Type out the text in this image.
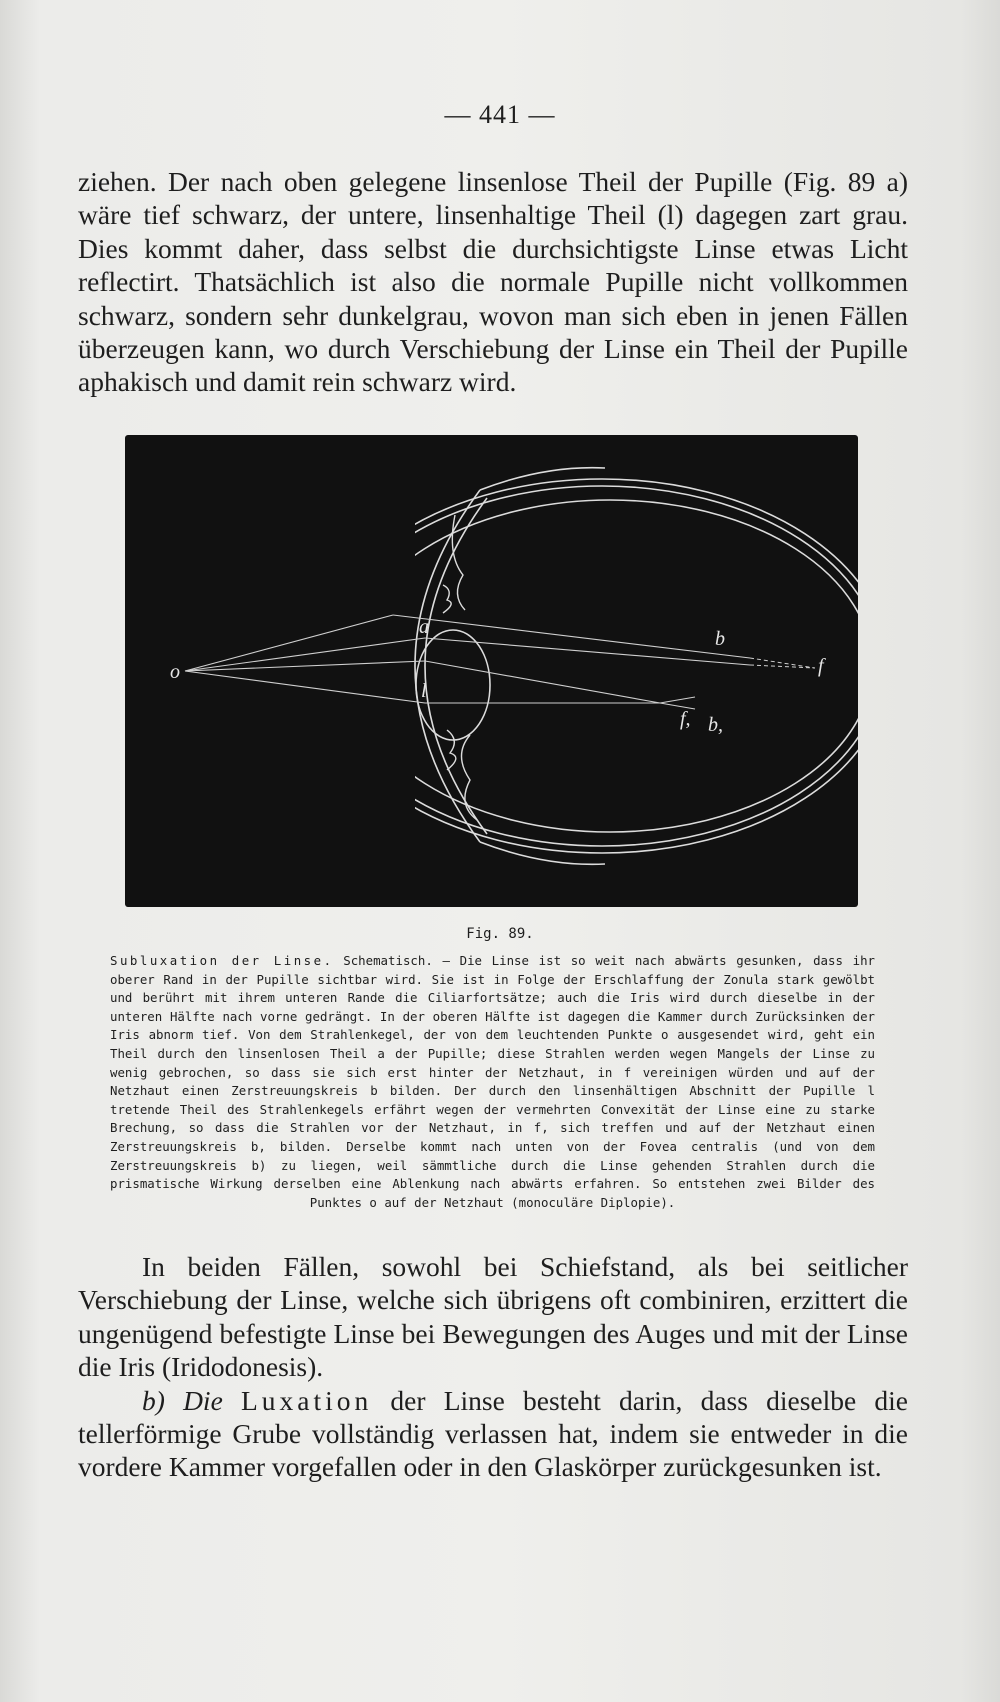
— 441 —

ziehen. Der nach oben gelegene linsenlose Theil der Pupille (Fig. 89 a) wäre tief schwarz, der untere, linsenhaltige Theil (l) dagegen zart grau. Dies kommt daher, dass selbst die durchsichtigste Linse etwas Licht reflectirt. Thatsächlich ist also die normale Pupille nicht vollkommen schwarz, sondern sehr dunkelgrau, wovon man sich eben in jenen Fällen überzeugen kann, wo durch Verschiebung der Linse ein Theil der Pupille aphakisch und damit rein schwarz wird.

o
a
l
b
f
f, b,
Fig. 89.

Subluxation der Linse. Schematisch. — Die Linse ist so weit nach abwärts gesunken, dass ihr oberer Rand in der Pupille sichtbar wird. Sie ist in Folge der Erschlaffung der Zonula stark gewölbt und berührt mit ihrem unteren Rande die Ciliarfortsätze; auch die Iris wird durch dieselbe in der unteren Hälfte nach vorne gedrängt. In der oberen Hälfte ist dagegen die Kammer durch Zurücksinken der Iris abnorm tief. Von dem Strahlenkegel, der von dem leuchtenden Punkte o ausgesendet wird, geht ein Theil durch den linsenlosen Theil a der Pupille; diese Strahlen werden wegen Mangels der Linse zu wenig gebrochen, so dass sie sich erst hinter der Netzhaut, in f vereinigen würden und auf der Netzhaut einen Zerstreuungskreis b bilden. Der durch den linsenhältigen Abschnitt der Pupille l tretende Theil des Strahlenkegels erfährt wegen der vermehrten Convexität der Linse eine zu starke Brechung, so dass die Strahlen vor der Netzhaut, in f, sich treffen und auf der Netzhaut einen Zerstreuungskreis b, bilden. Derselbe kommt nach unten von der Fovea centralis (und von dem Zerstreuungskreis b) zu liegen, weil sämmtliche durch die Linse gehenden Strahlen durch die prismatische Wirkung derselben eine Ablenkung nach abwärts erfahren. So entstehen zwei Bilder des Punktes o auf der Netzhaut (monoculäre Diplopie).

In beiden Fällen, sowohl bei Schiefstand, als bei seitlicher Verschiebung der Linse, welche sich übrigens oft combiniren, erzittert die ungenügend befestigte Linse bei Bewegungen des Auges und mit der Linse die Iris (Iridodonesis).
b) Die Luxation der Linse besteht darin, dass dieselbe die tellerförmige Grube vollständig verlassen hat, indem sie entweder in die vordere Kammer vorgefallen oder in den Glaskörper zurückgesunken ist.
